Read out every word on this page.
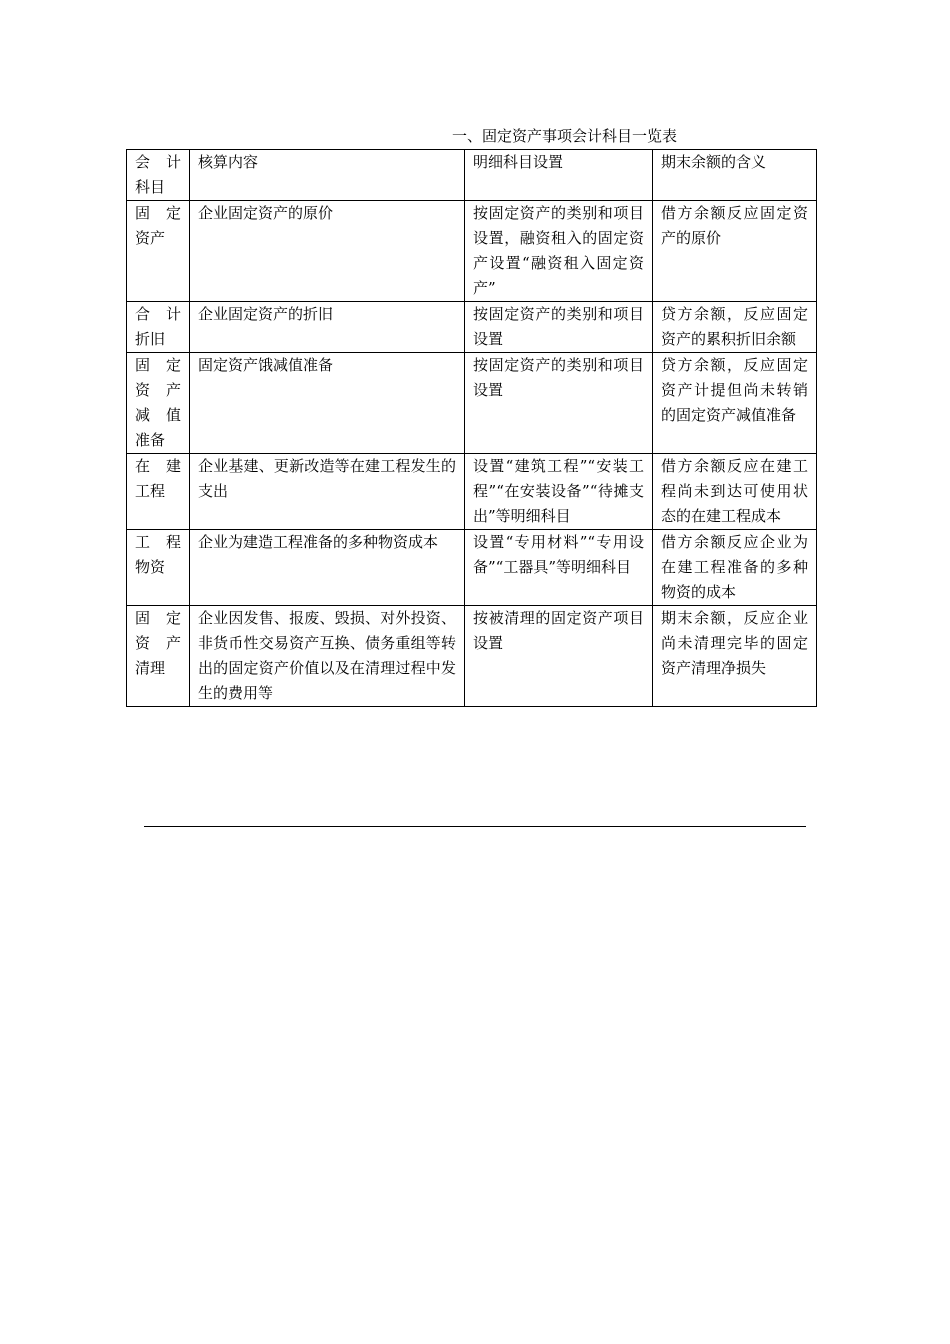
一、固定资产事项会计科目一览表
会 计 科目	核算内容	明细科目设置	期末余额的含义
固 定 资产	企业固定资产的原价	按固定资产的类别和项目设置，融资租入的固定资产设置“融资租入固定资产”	借方余额反应固定资产的原价
合 计 折旧	企业固定资产的折旧	按固定资产的类别和项目设置	贷方余额，反应固定资产的累积折旧余额
固 定 资 产 减 值 准备	固定资产饿减值准备	按固定资产的类别和项目设置	贷方余额，反应固定资产计提但尚未转销的固定资产减值准备
在 建 工程	企业基建、更新改造等在建工程发生的支出	设置“建筑工程”“安装工程”“在安装设备”“待摊支出”等明细科目	借方余额反应在建工程尚未到达可使用状态的在建工程成本
工 程 物资	企业为建造工程准备的多种物资成本	设置“专用材料”“专用设备”“工器具”等明细科目	借方余额反应企业为在建工程准备的多种物资的成本
固 定 资 产 清理	企业因发售、报废、毁损、对外投资、非货币性交易资产互换、债务重组等转出的固定资产价值以及在清理过程中发生的费用等	按被清理的固定资产项目设置	期末余额，反应企业尚未清理完毕的固定资产清理净损失
